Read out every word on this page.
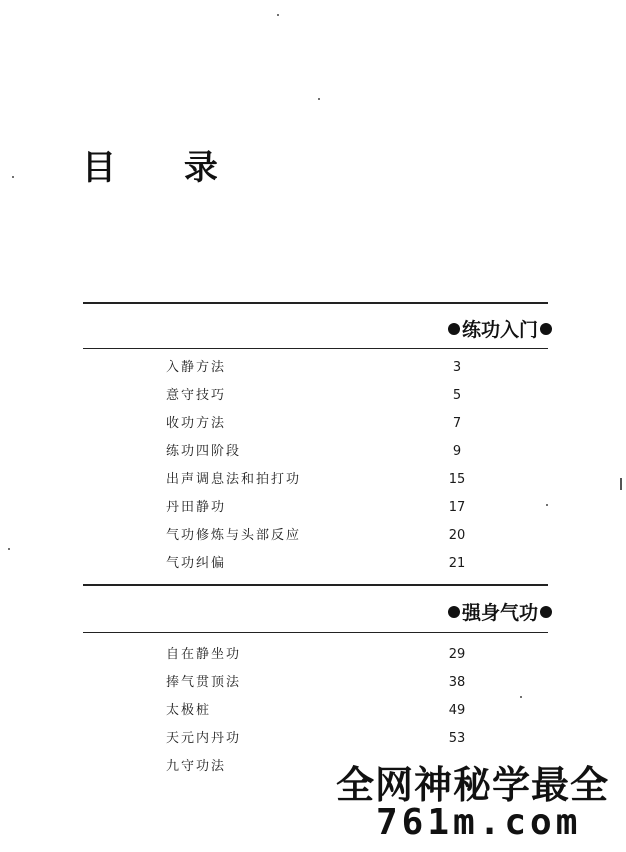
目 录
练功入门
入静方法	3
意守技巧	5
收功方法	7
练功四阶段	9
出声调息法和拍打功	15
丹田静功	17
气功修炼与头部反应	20
气功纠偏	21
强身气功
自在静坐功	29
捧气贯顶法	38
太极桩	49
天元内丹功	53
九守功法	全网神秘学最全
761m.com
